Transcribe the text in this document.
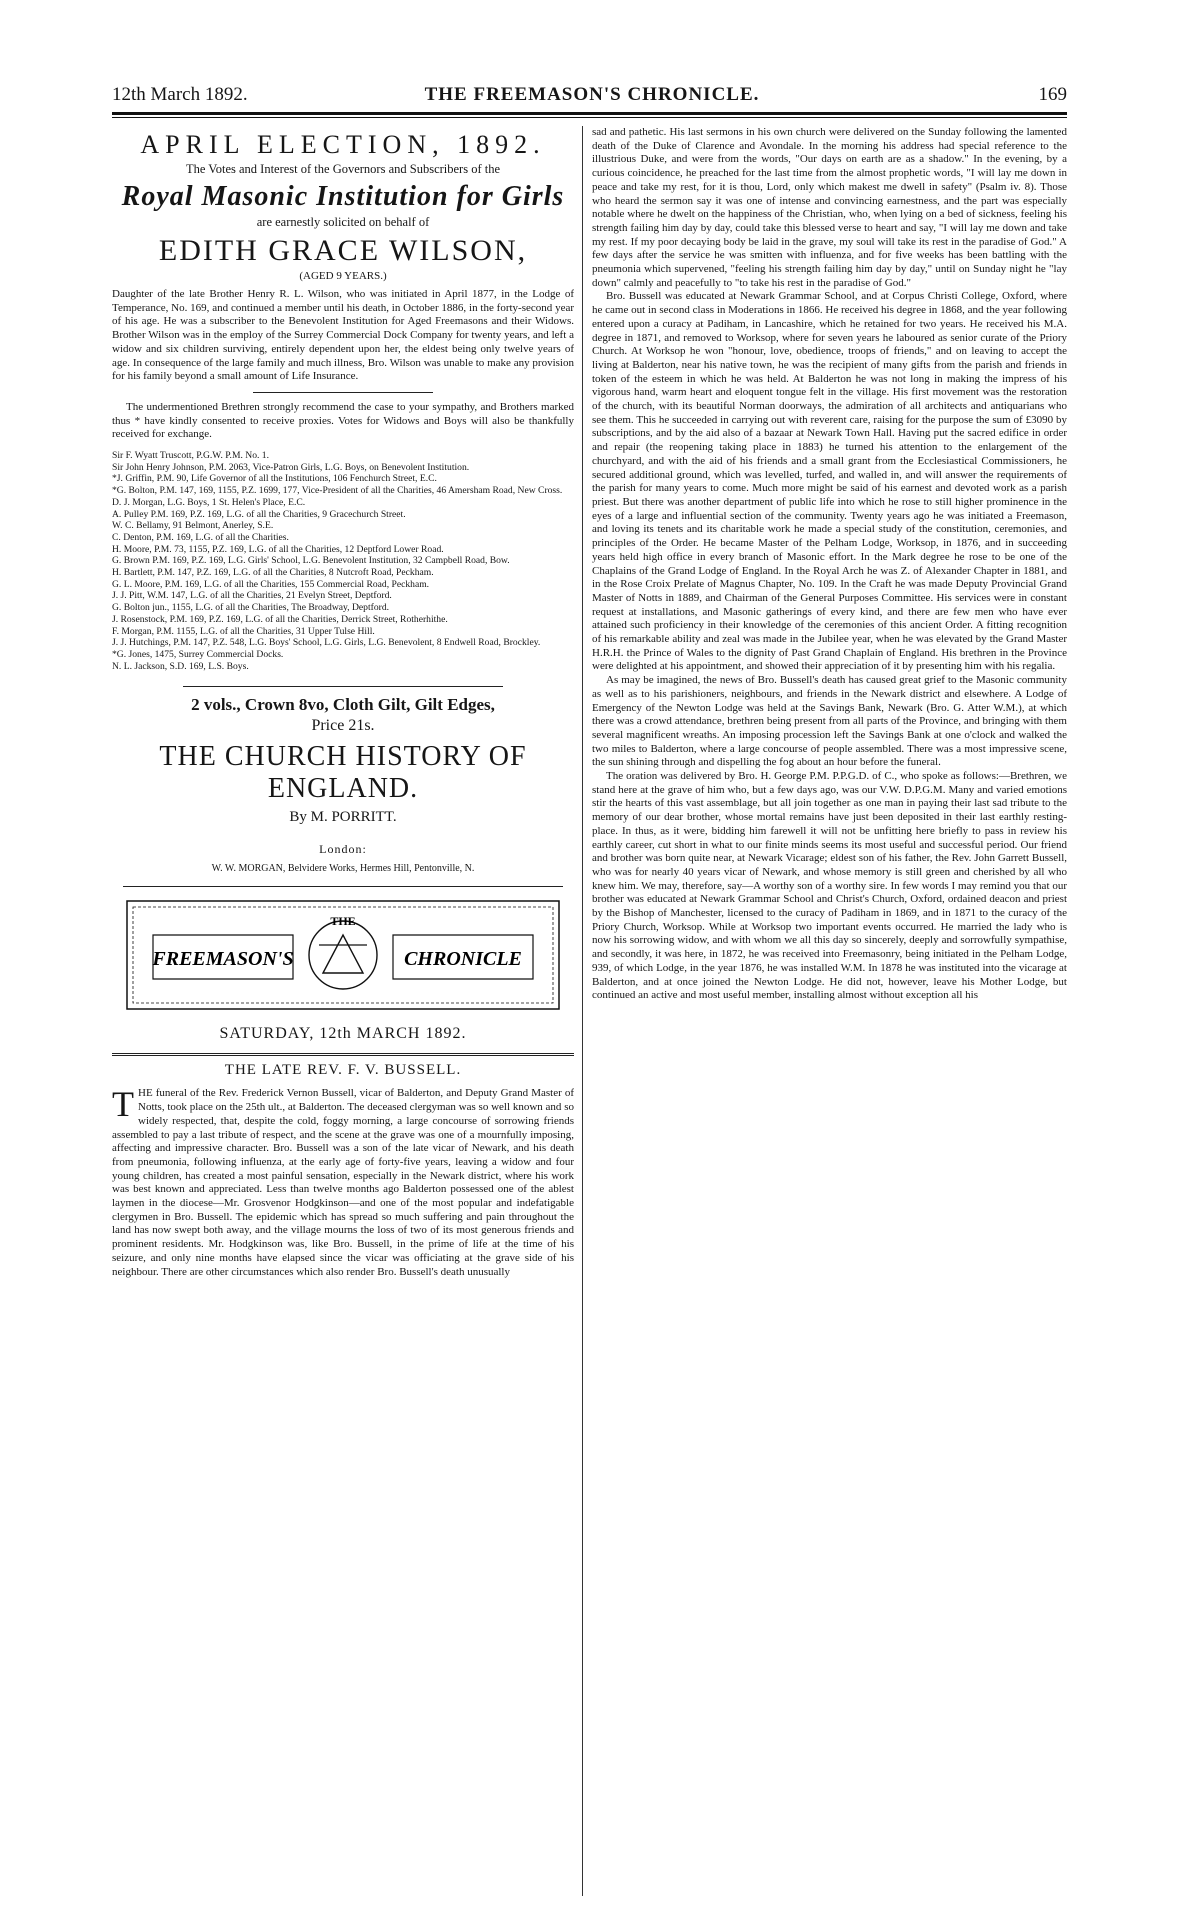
12th March 1892.	THE FREEMASON'S CHRONICLE.	169
APRIL ELECTION, 1892.
The Votes and Interest of the Governors and Subscribers of the
Royal Masonic Institution for Girls
are earnestly solicited on behalf of
EDITH GRACE WILSON,
(AGED 9 YEARS.)

Daughter of the late Brother Henry R. L. Wilson, who was initiated in April 1877, in the Lodge of Temperance, No. 169, and continued a member until his death, in October 1886, in the forty-second year of his age. He was a subscriber to the Benevolent Institution for Aged Freemasons and their Widows. Brother Wilson was in the employ of the Surrey Commercial Dock Company for twenty years, and left a widow and six children surviving, entirely dependent upon her, the eldest being only twelve years of age. In consequence of the large family and much illness, Bro. Wilson was unable to make any provision for his family beyond a small amount of Life Insurance.

The undermentioned Brethren strongly recommend the case to your sympathy, and Brothers marked thus * have kindly consented to receive proxies. Votes for Widows and Boys will also be thankfully received for exchange.

Sir F. Wyatt Truscott, P.G.W. P.M. No. 1.
Sir John Henry Johnson, P.M. 2063, Vice-Patron Girls, L.G. Boys, on Benevolent Institution.
*J. Griffin, P.M. 90, Life Governor of all the Institutions, 106 Fenchurch Street, E.C.
*G. Bolton, P.M. 147, 169, 1155, P.Z. 1699, 177, Vice-President of all the Charities, 46 Amersham Road, New Cross.
D. J. Morgan, L.G. Boys, 1 St. Helen's Place, E.C.
A. Pulley P.M. 169, P.Z. 169, L.G. of all the Charities, 9 Gracechurch Street.
W. C. Bellamy, 91 Belmont, Anerley, S.E.
C. Denton, P.M. 169, L.G. of all the Charities.
H. Moore, P.M. 73, 1155, P.Z. 169, L.G. of all the Charities, 12 Deptford Lower Road.
G. Brown P.M. 169, P.Z. 169, L.G. Girls' School, L.G. Benevolent Institution, 32 Campbell Road, Bow.
H. Bartlett, P.M. 147, P.Z. 169, L.G. of all the Charities, 8 Nutcroft Road, Peckham.
G. L. Moore, P.M. 169, L.G. of all the Charities, 155 Commercial Road, Peckham.
J. J. Pitt, W.M. 147, L.G. of all the Charities, 21 Evelyn Street, Deptford.
G. Bolton jun., 1155, L.G. of all the Charities, The Broadway, Deptford.
J. Rosenstock, P.M. 169, P.Z. 169, L.G. of all the Charities, Derrick Street, Rotherhithe.
F. Morgan, P.M. 1155, L.G. of all the Charities, 31 Upper Tulse Hill.
J. J. Hutchings, P.M. 147, P.Z. 548, L.G. Boys' School, L.G. Girls, L.G. Benevolent, 8 Endwell Road, Brockley.
*G. Jones, 1475, Surrey Commercial Docks.
N. L. Jackson, S.D. 169, L.S. Boys.
2 vols., Crown 8vo, Cloth Gilt, Gilt Edges,
Price 21s.
THE CHURCH HISTORY OF ENGLAND.
By M. PORRITT.
London:
W. W. MORGAN, Belvidere Works, Hermes Hill, Pentonville, N.
FREEMASON'S
THE
CHRONICLE
SATURDAY, 12th MARCH 1892.
THE LATE REV. F. V. BUSSELL.
T HE funeral of the Rev. Frederick Vernon Bussell, vicar of Balderton, and Deputy Grand Master of Notts, took place on the 25th ult., at Balderton. The deceased clergyman was so well known and so widely respected, that, despite the cold, foggy morning, a large concourse of sorrowing friends assembled to pay a last tribute of respect, and the scene at the grave was one of a mournfully imposing, affecting and impressive character. Bro. Bussell was a son of the late vicar of Newark, and his death from pneumonia, following influenza, at the early age of forty-five years, leaving a widow and four young children, has created a most painful sensation, especially in the Newark district, where his work was best known and appreciated. Less than twelve months ago Balderton possessed one of the ablest laymen in the diocese—Mr. Grosvenor Hodgkinson—and one of the most popular and indefatigable clergymen in Bro. Bussell. The epidemic which has spread so much suffering and pain throughout the land has now swept both away, and the village mourns the loss of two of its most generous friends and prominent residents. Mr. Hodgkinson was, like Bro. Bussell, in the prime of life at the time of his seizure, and only nine months have elapsed since the vicar was officiating at the grave side of his neighbour. There are other circumstances which also render Bro. Bussell's death unusually

sad and pathetic. His last sermons in his own church were delivered on the Sunday following the lamented death of the Duke of Clarence and Avondale. In the morning his address had special reference to the illustrious Duke, and were from the words, "Our days on earth are as a shadow." In the evening, by a curious coincidence, he preached for the last time from the almost prophetic words, "I will lay me down in peace and take my rest, for it is thou, Lord, only which makest me dwell in safety" (Psalm iv. 8). Those who heard the sermon say it was one of intense and convincing earnestness, and the part was especially notable where he dwelt on the happiness of the Christian, who, when lying on a bed of sickness, feeling his strength failing him day by day, could take this blessed verse to heart and say, "I will lay me down and take my rest. If my poor decaying body be laid in the grave, my soul will take its rest in the paradise of God." A few days after the service he was smitten with influenza, and for five weeks has been battling with the pneumonia which supervened, "feeling his strength failing him day by day," until on Sunday night he "lay down" calmly and peacefully to "to take his rest in the paradise of God."

Bro. Bussell was educated at Newark Grammar School, and at Corpus Christi College, Oxford, where he came out in second class in Moderations in 1866. He received his degree in 1868, and the year following entered upon a curacy at Padiham, in Lancashire, which he retained for two years. He received his M.A. degree in 1871, and removed to Worksop, where for seven years he laboured as senior curate of the Priory Church. At Worksop he won "honour, love, obedience, troops of friends," and on leaving to accept the living at Balderton, near his native town, he was the recipient of many gifts from the parish and friends in token of the esteem in which he was held. At Balderton he was not long in making the impress of his vigorous hand, warm heart and eloquent tongue felt in the village. His first movement was the restoration of the church, with its beautiful Norman doorways, the admiration of all architects and antiquarians who see them. This he succeeded in carrying out with reverent care, raising for the purpose the sum of £3090 by subscriptions, and by the aid also of a bazaar at Newark Town Hall. Having put the sacred edifice in order and repair (the reopening taking place in 1883) he turned his attention to the enlargement of the churchyard, and with the aid of his friends and a small grant from the Ecclesiastical Commissioners, he secured additional ground, which was levelled, turfed, and walled in, and will answer the requirements of the parish for many years to come. Much more might be said of his earnest and devoted work as a parish priest. But there was another department of public life into which he rose to still higher prominence in the eyes of a large and influential section of the community. Twenty years ago he was initiated a Freemason, and loving its tenets and its charitable work he made a special study of the constitution, ceremonies, and principles of the Order. He became Master of the Pelham Lodge, Worksop, in 1876, and in succeeding years held high office in every branch of Masonic effort. In the Mark degree he rose to be one of the Chaplains of the Grand Lodge of England. In the Royal Arch he was Z. of Alexander Chapter in 1881, and in the Rose Croix Prelate of Magnus Chapter, No. 109. In the Craft he was made Deputy Provincial Grand Master of Notts in 1889, and Chairman of the General Purposes Committee. His services were in constant request at installations, and Masonic gatherings of every kind, and there are few men who have ever attained such proficiency in their knowledge of the ceremonies of this ancient Order. A fitting recognition of his remarkable ability and zeal was made in the Jubilee year, when he was elevated by the Grand Master H.R.H. the Prince of Wales to the dignity of Past Grand Chaplain of England. His brethren in the Province were delighted at his appointment, and showed their appreciation of it by presenting him with his regalia.

As may be imagined, the news of Bro. Bussell's death has caused great grief to the Masonic community as well as to his parishioners, neighbours, and friends in the Newark district and elsewhere. A Lodge of Emergency of the Newton Lodge was held at the Savings Bank, Newark (Bro. G. Atter W.M.), at which there was a crowd attendance, brethren being present from all parts of the Province, and bringing with them several magnificent wreaths. An imposing procession left the Savings Bank at one o'clock and walked the two miles to Balderton, where a large concourse of people assembled. There was a most impressive scene, the sun shining through and dispelling the fog about an hour before the funeral.

The oration was delivered by Bro. H. George P.M. P.P.G.D. of C., who spoke as follows:—Brethren, we stand here at the grave of him who, but a few days ago, was our V.W. D.P.G.M. Many and varied emotions stir the hearts of this vast assemblage, but all join together as one man in paying their last sad tribute to the memory of our dear brother, whose mortal remains have just been deposited in their last earthly resting-place. In thus, as it were, bidding him farewell it will not be unfitting here briefly to pass in review his earthly career, cut short in what to our finite minds seems its most useful and successful period. Our friend and brother was born quite near, at Newark Vicarage; eldest son of his father, the Rev. John Garrett Bussell, who was for nearly 40 years vicar of Newark, and whose memory is still green and cherished by all who knew him. We may, therefore, say—A worthy son of a worthy sire. In few words I may remind you that our brother was educated at Newark Grammar School and Christ's Church, Oxford, ordained deacon and priest by the Bishop of Manchester, licensed to the curacy of Padiham in 1869, and in 1871 to the curacy of the Priory Church, Worksop. While at Worksop two important events occurred. He married the lady who is now his sorrowing widow, and with whom we all this day so sincerely, deeply and sorrowfully sympathise, and secondly, it was here, in 1872, he was received into Freemasonry, being initiated in the Pelham Lodge, 939, of which Lodge, in the year 1876, he was installed W.M. In 1878 he was instituted into the vicarage at Balderton, and at once joined the Newton Lodge. He did not, however, leave his Mother Lodge, but continued an active and most useful member, installing almost without exception all his
